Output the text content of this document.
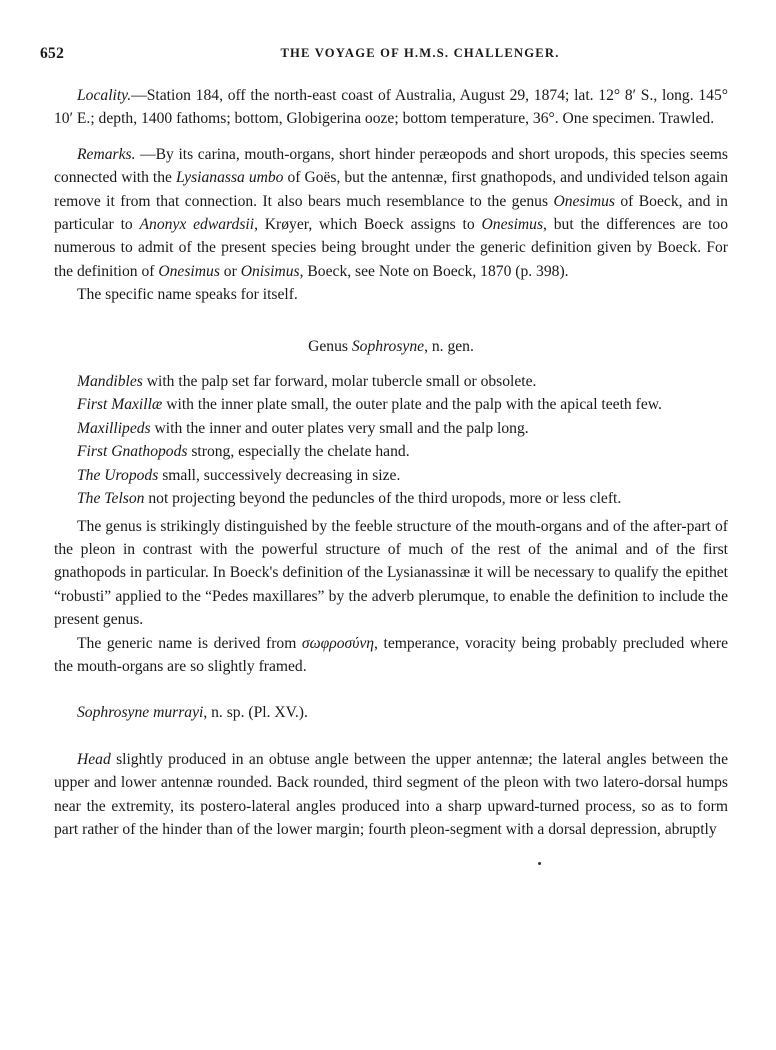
652	THE VOYAGE OF H.M.S. CHALLENGER.

Locality.—Station 184, off the north-east coast of Australia, August 29, 1874; lat. 12° 8′ S., long. 145° 10′ E.; depth, 1400 fathoms; bottom, Globigerina ooze; bottom temperature, 36°. One specimen. Trawled.

Remarks. —By its carina, mouth-organs, short hinder peræopods and short uropods, this species seems connected with the Lysianassa umbo of Goës, but the antennæ, first gnathopods, and undivided telson again remove it from that connection. It also bears much resemblance to the genus Onesimus of Boeck, and in particular to Anonyx edwardsii, Krøyer, which Boeck assigns to Onesimus, but the differences are too numerous to admit of the present species being brought under the generic definition given by Boeck. For the definition of Onesimus or Onisimus, Boeck, see Note on Boeck, 1870 (p. 398).

The specific name speaks for itself.

Genus Sophrosyne, n. gen.

Mandibles with the palp set far forward, molar tubercle small or obsolete.

First Maxillæ with the inner plate small, the outer plate and the palp with the apical teeth few.

Maxillipeds with the inner and outer plates very small and the palp long.

First Gnathopods strong, especially the chelate hand.

The Uropods small, successively decreasing in size.

The Telson not projecting beyond the peduncles of the third uropods, more or less cleft.

The genus is strikingly distinguished by the feeble structure of the mouth-organs and of the after-part of the pleon in contrast with the powerful structure of much of the rest of the animal and of the first gnathopods in particular. In Boeck's definition of the Lysianassinæ it will be necessary to qualify the epithet “robusti” applied to the “Pedes maxillares” by the adverb plerumque, to enable the definition to include the present genus.

The generic name is derived from σωφροσύνη, temperance, voracity being probably precluded where the mouth-organs are so slightly framed.

Sophrosyne murrayi, n. sp. (Pl. XV.).

Head slightly produced in an obtuse angle between the upper antennæ; the lateral angles between the upper and lower antennæ rounded. Back rounded, third segment of the pleon with two latero-dorsal humps near the extremity, its postero-lateral angles produced into a sharp upward-turned process, so as to form part rather of the hinder than of the lower margin; fourth pleon-segment with a dorsal depression, abruptly
